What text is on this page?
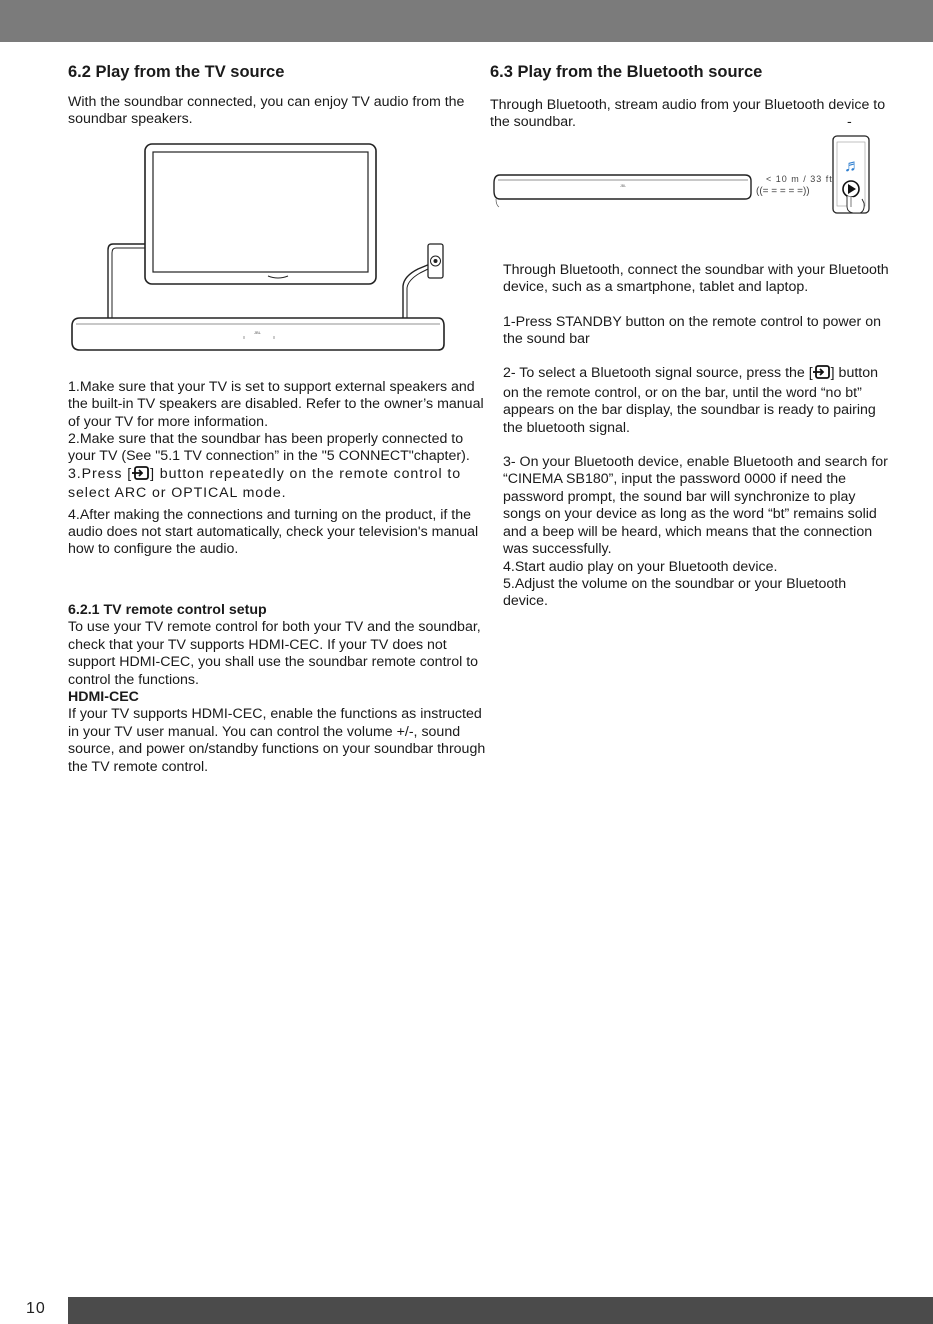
6.2 Play from the TV source

With the soundbar connected, you can enjoy TV audio from the soundbar speakers.

JBL

1.Make sure that your TV is set to support external speakers and the built-in TV speakers are disabled. Refer to the owner’s manual of your TV for more information.

2.Make sure that the soundbar has been properly connected to your TV (See "5.1 TV connection” in the "5 CONNECT"chapter).

3.Press [ ] button repeatedly on the remote control to select ARC or OPTICAL mode.

4.After making the connections and turning on the product, if the audio does not start automatically, check your television's manual how to configure the audio.

6.2.1 TV remote control setup

To use your TV remote control for both your TV and the soundbar, check that your TV supports HDMI-CEC. If your TV does not support HDMI-CEC, you shall use the soundbar remote control to control the functions.

HDMI-CEC

If your TV supports HDMI-CEC, enable the functions as instructed in your TV user manual. You can control the volume +/-, sound

source, and power on/standby functions on your soundbar through the TV remote control.

6.3 Play from the Bluetooth source

Through Bluetooth, stream audio from your Bluetooth device to the soundbar.	-

JBL
< 10 m / 33 ft
((= = = = =))
♬

Through Bluetooth, connect the soundbar with your Bluetooth device, such as a smartphone, tablet and laptop.

1-Press STANDBY button on the remote control to power on the sound bar

2- To select a Bluetooth signal source, press the [ ] button on the remote control, or on the bar, until the word “no bt” appears on the bar display, the soundbar is ready to pairing the bluetooth signal.

3- On your Bluetooth device, enable Bluetooth and search for “CINEMA SB180”, input the password 0000 if need the password prompt, the sound bar will synchronize to play songs on your device as long as the word “bt” remains solid and a beep will be heard, which means that the connection was successfully.

4.Start audio play on your Bluetooth device.

5.Adjust the volume on the soundbar or your Bluetooth device.

10
